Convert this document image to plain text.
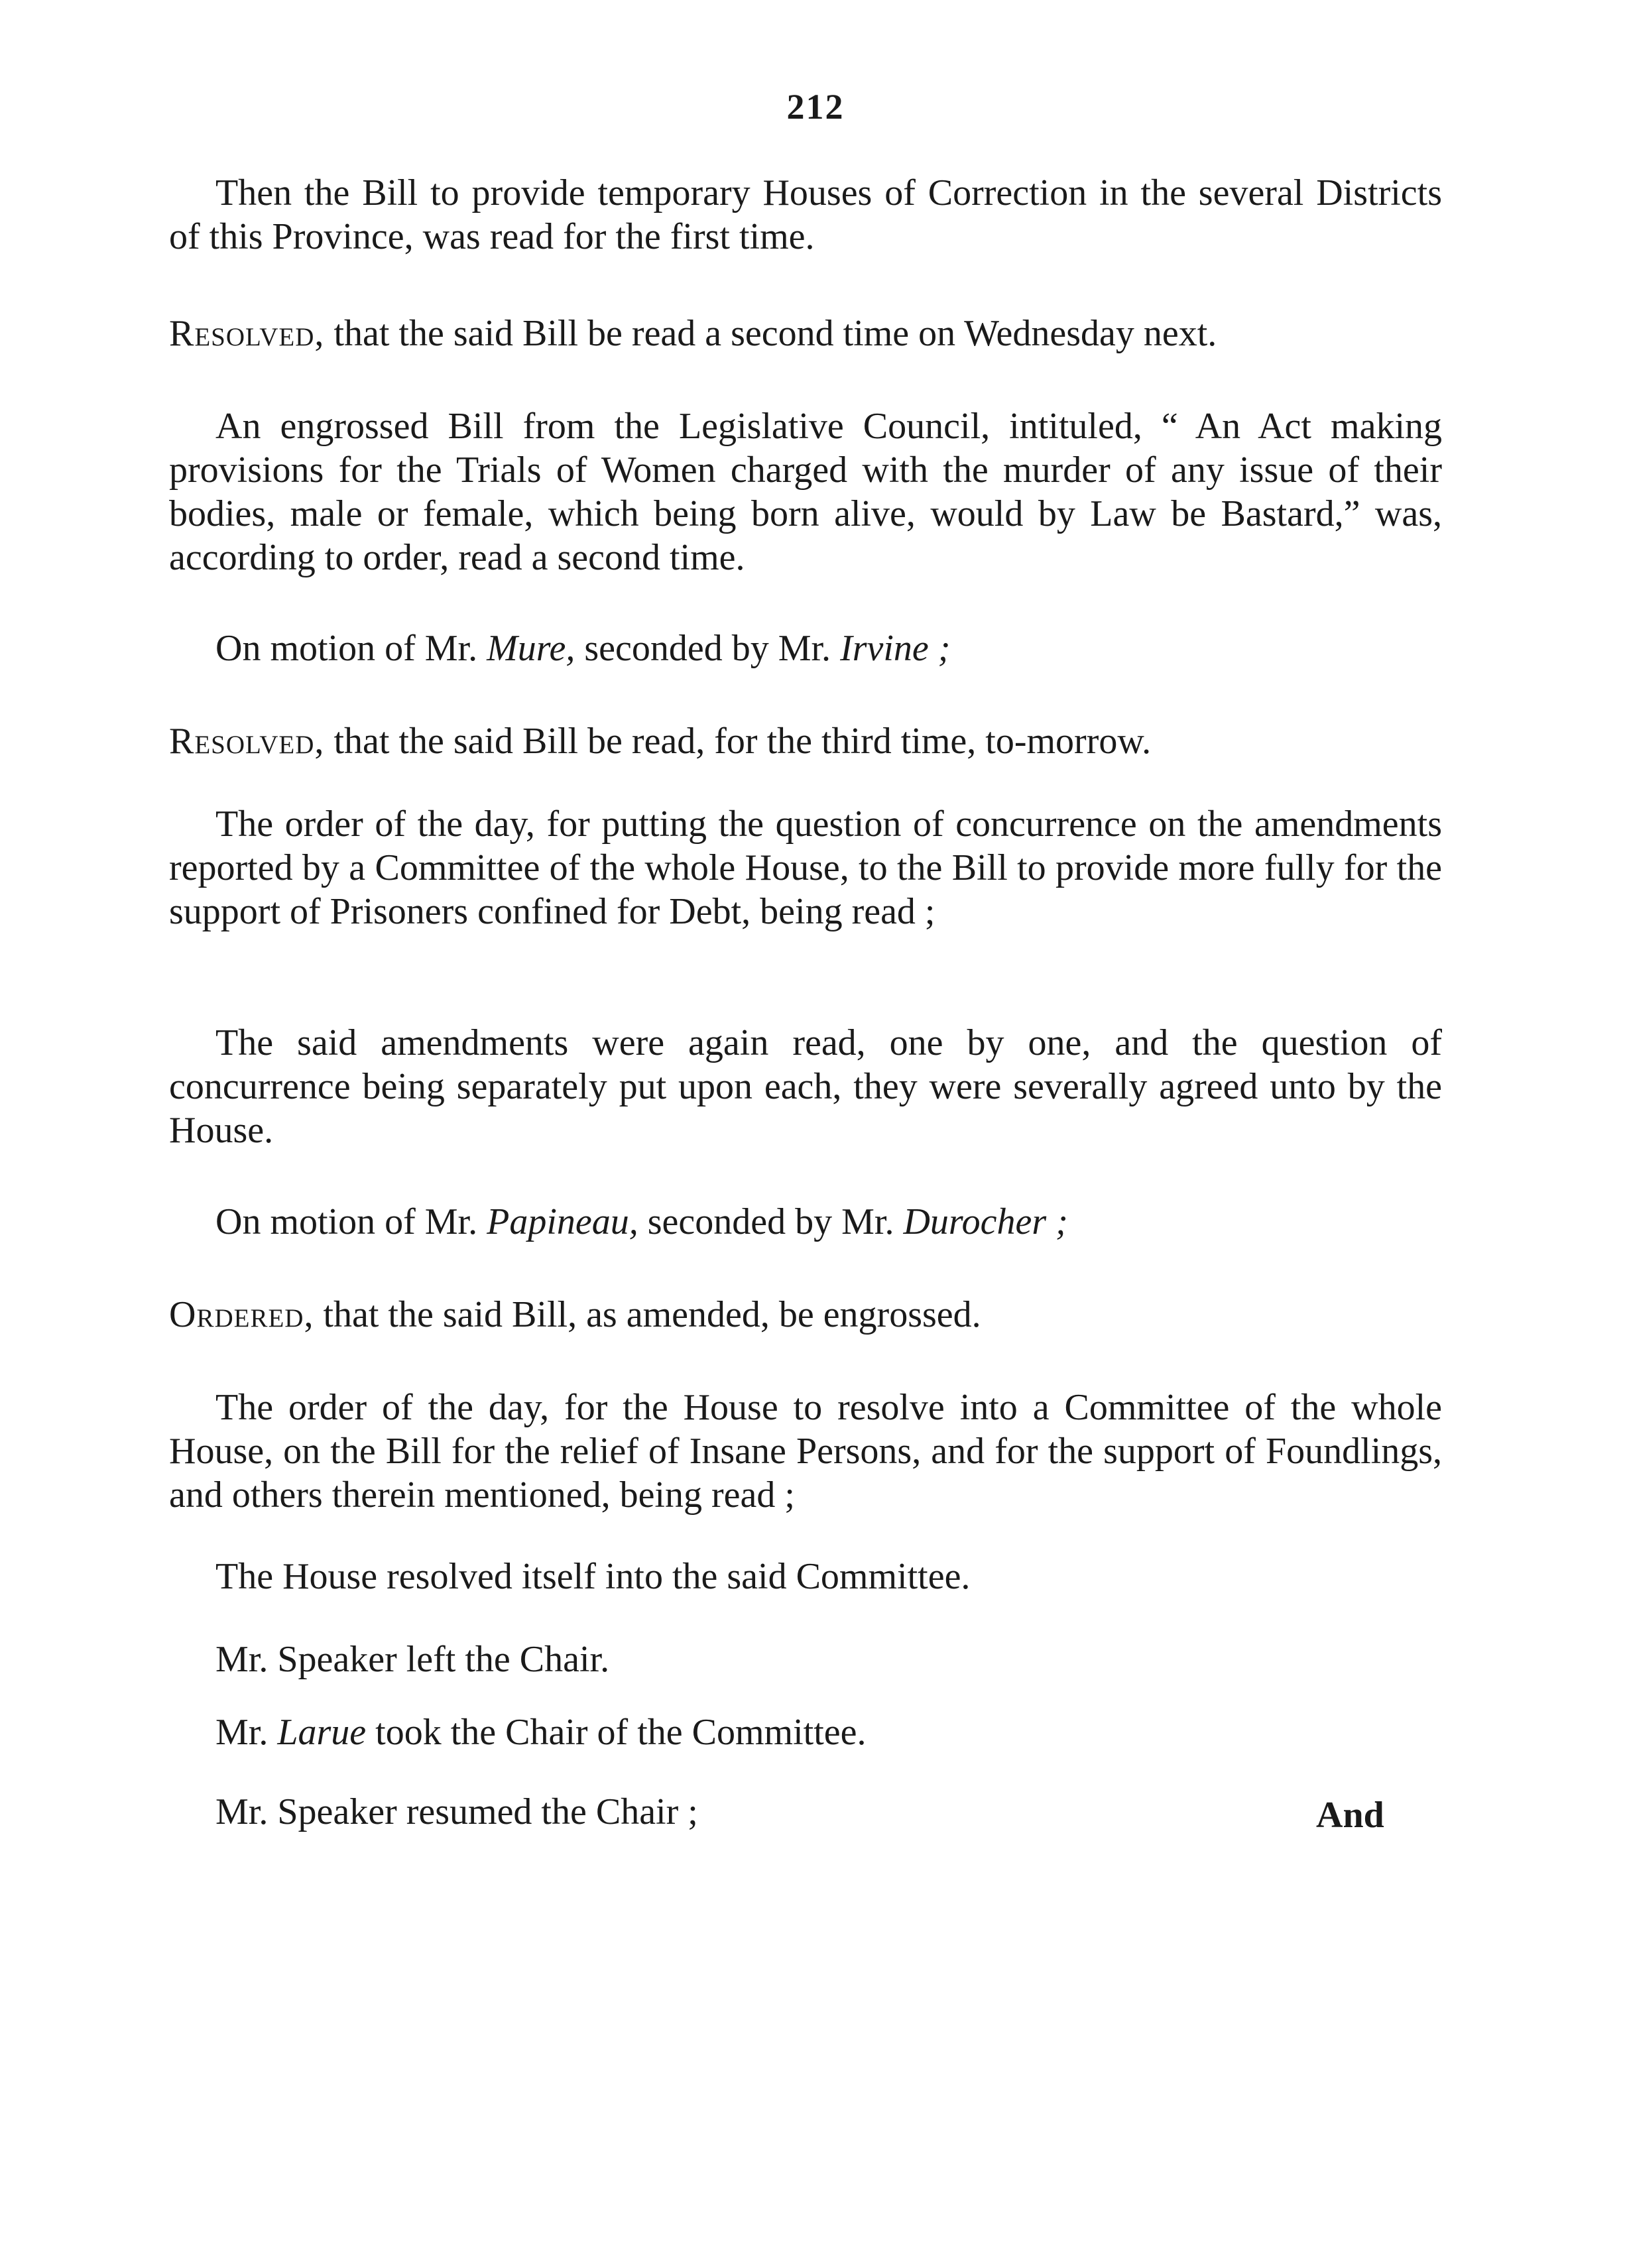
212

Then the Bill to provide temporary Houses of Correction in the several Districts of this Province, was read for the first time.

Resolved, that the said Bill be read a second time on Wednesday next.

An engrossed Bill from the Legislative Council, intituled, “ An Act making provisions for the Trials of Women charged with the murder of any issue of their bodies, male or female, which being born alive, would by Law be Bastard,” was, according to order, read a second time.

On motion of Mr. Mure, seconded by Mr. Irvine ;

Resolved, that the said Bill be read, for the third time, to-morrow.

The order of the day, for putting the question of concurrence on the amendments reported by a Committee of the whole House, to the Bill to provide more fully for the support of Prisoners confined for Debt, being read ;

The said amendments were again read, one by one, and the question of concurrence being separately put upon each, they were severally agreed unto by the House.

On motion of Mr. Papineau, seconded by Mr. Durocher ;

Ordered, that the said Bill, as amended, be engrossed.

The order of the day, for the House to resolve into a Committee of the whole House, on the Bill for the relief of Insane Persons, and for the support of Foundlings, and others therein mentioned, being read ;

The House resolved itself into the said Committee.

Mr. Speaker left the Chair.

Mr. Larue took the Chair of the Committee.

Mr. Speaker resumed the Chair ;	And
